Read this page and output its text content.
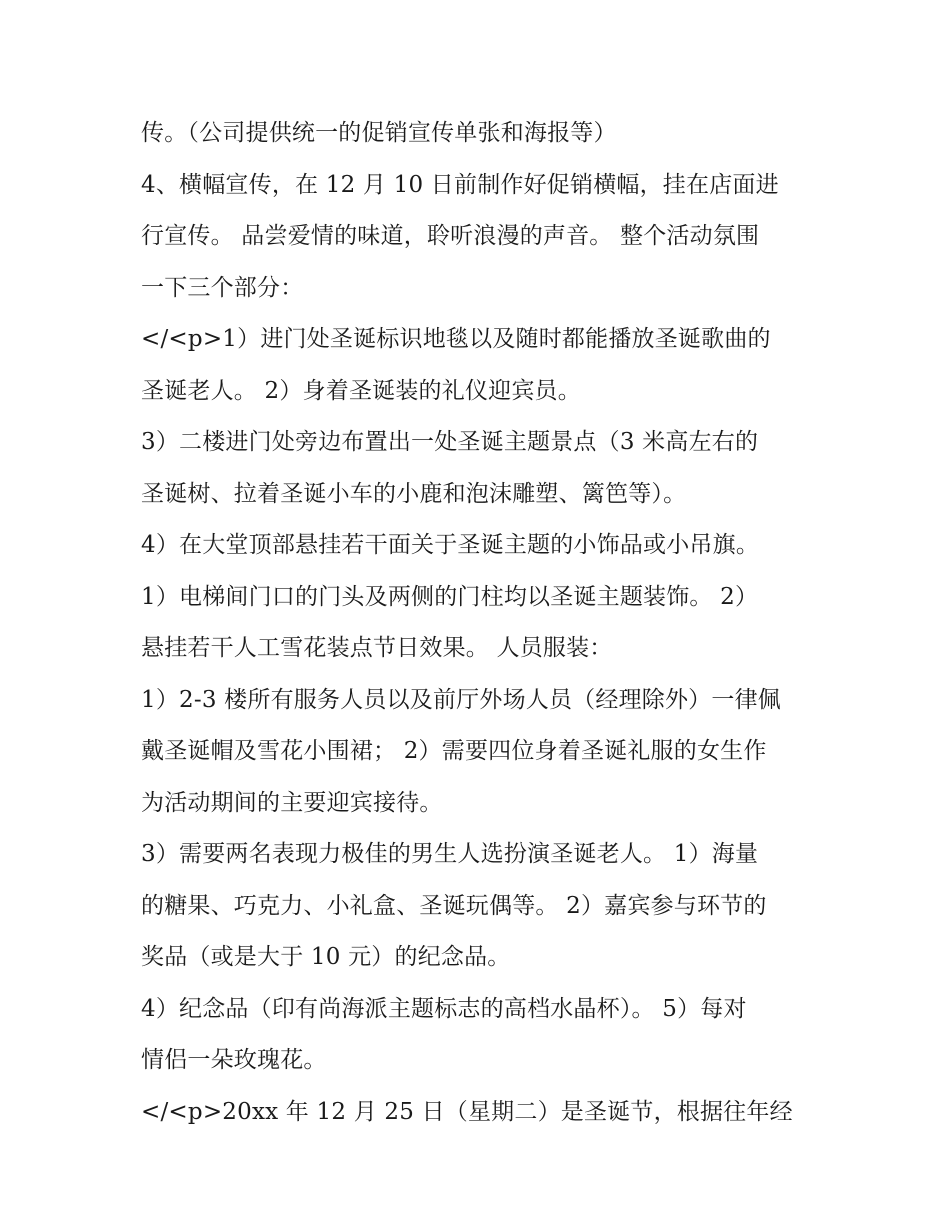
传。（公司提供统一的促销宣传单张和海报等）
4、横幅宣传，在 12 月 10 日前制作好促销横幅，挂在店面进
行宣传。 品尝爱情的味道，聆听浪漫的声音。 整个活动氛围
一下三个部分：
</<p>1）进门处圣诞标识地毯以及随时都能播放圣诞歌曲的
圣诞老人。 2）身着圣诞装的礼仪迎宾员。
3）二楼进门处旁边布置出一处圣诞主题景点（3 米高左右的
圣诞树、拉着圣诞小车的小鹿和泡沫雕塑、篱笆等）。
4）在大堂顶部悬挂若干面关于圣诞主题的小饰品或小吊旗。
1）电梯间门口的门头及两侧的门柱均以圣诞主题装饰。 2）
悬挂若干人工雪花装点节日效果。 人员服装：
1）2-3 楼所有服务人员以及前厅外场人员（经理除外）一律佩
戴圣诞帽及雪花小围裙； 2）需要四位身着圣诞礼服的女生作
为活动期间的主要迎宾接待。
3）需要两名表现力极佳的男生人选扮演圣诞老人。 1）海量
的糖果、巧克力、小礼盒、圣诞玩偶等。 2）嘉宾参与环节的
奖品（或是大于 10 元）的纪念品。
4）纪念品（印有尚海派主题标志的高档水晶杯）。 5）每对
情侣一朵玫瑰花。
</<p>20xx 年 12 月 25 日（星期二）是圣诞节，根据往年经
